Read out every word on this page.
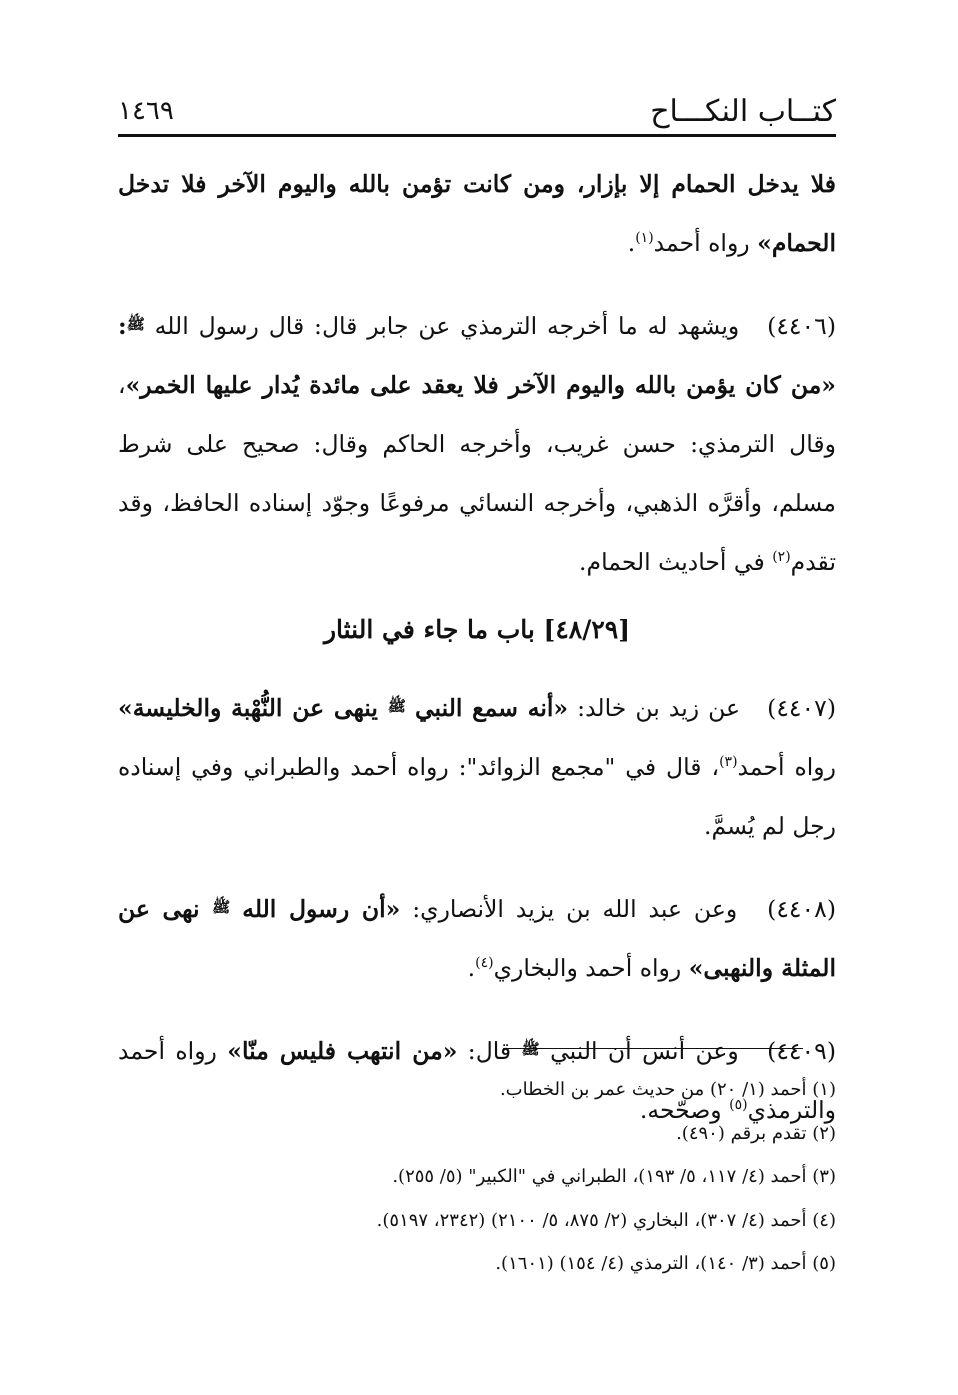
كتــاب النكـــاح
١٤٦٩

فلا يدخل الحمام إلا بإزار، ومن كانت تؤمن بالله واليوم الآخر فلا تدخل الحمام» رواه أحمد$^{(١)}$.

(٤٤٠٦) ويشهد له ما أخرجه الترمذي عن جابر قال: قال رسول الله $^ﷺ$: «من كان يؤمن بالله واليوم الآخر فلا يعقد على مائدة يُدار عليها الخمر»، وقال الترمذي: حسن غريب، وأخرجه الحاكم وقال: صحيح على شرط مسلم، وأقرَّه الذهبي، وأخرجه النسائي مرفوعًا وجوّد إسناده الحافظ، وقد تقدم$^{(٢)}$ في أحاديث الحمام.

[٤٨/٢٩] باب ما جاء في النثار

(٤٤٠٧) عن زيد بن خالد: «أنه سمع النبي $^ﷺ$ ينهى عن النُّهْبة والخليسة» رواه أحمد$^{(٣)}$، قال في "مجمع الزوائد": رواه أحمد والطبراني وفي إسناده رجل لم يُسمَّ.

(٤٤٠٨) وعن عبد الله بن يزيد الأنصاري: «أن رسول الله $^ﷺ$ نهى عن المثلة والنهبى» رواه أحمد والبخاري$^{(٤)}$.

(٤٤٠٩) وعن أنس أن النبي $^ﷺ$ قال: «من انتهب فليس منّا» رواه أحمد والترمذي$^{(٥)}$ وصحّحه.

(١) أحمد (١/ ٢٠) من حديث عمر بن الخطاب.
(٢) تقدم برقم (٤٩٠).
(٣) أحمد (٤/ ١١٧، ٥/ ١٩٣)، الطبراني في "الكبير" (٥/ ٢٥٥).
(٤) أحمد (٤/ ٣٠٧)، البخاري (٢/ ٨٧٥، ٥/ ٢١٠٠) (٢٣٤٢، ٥١٩٧).
(٥) أحمد (٣/ ١٤٠)، الترمذي (٤/ ١٥٤) (١٦٠١).
